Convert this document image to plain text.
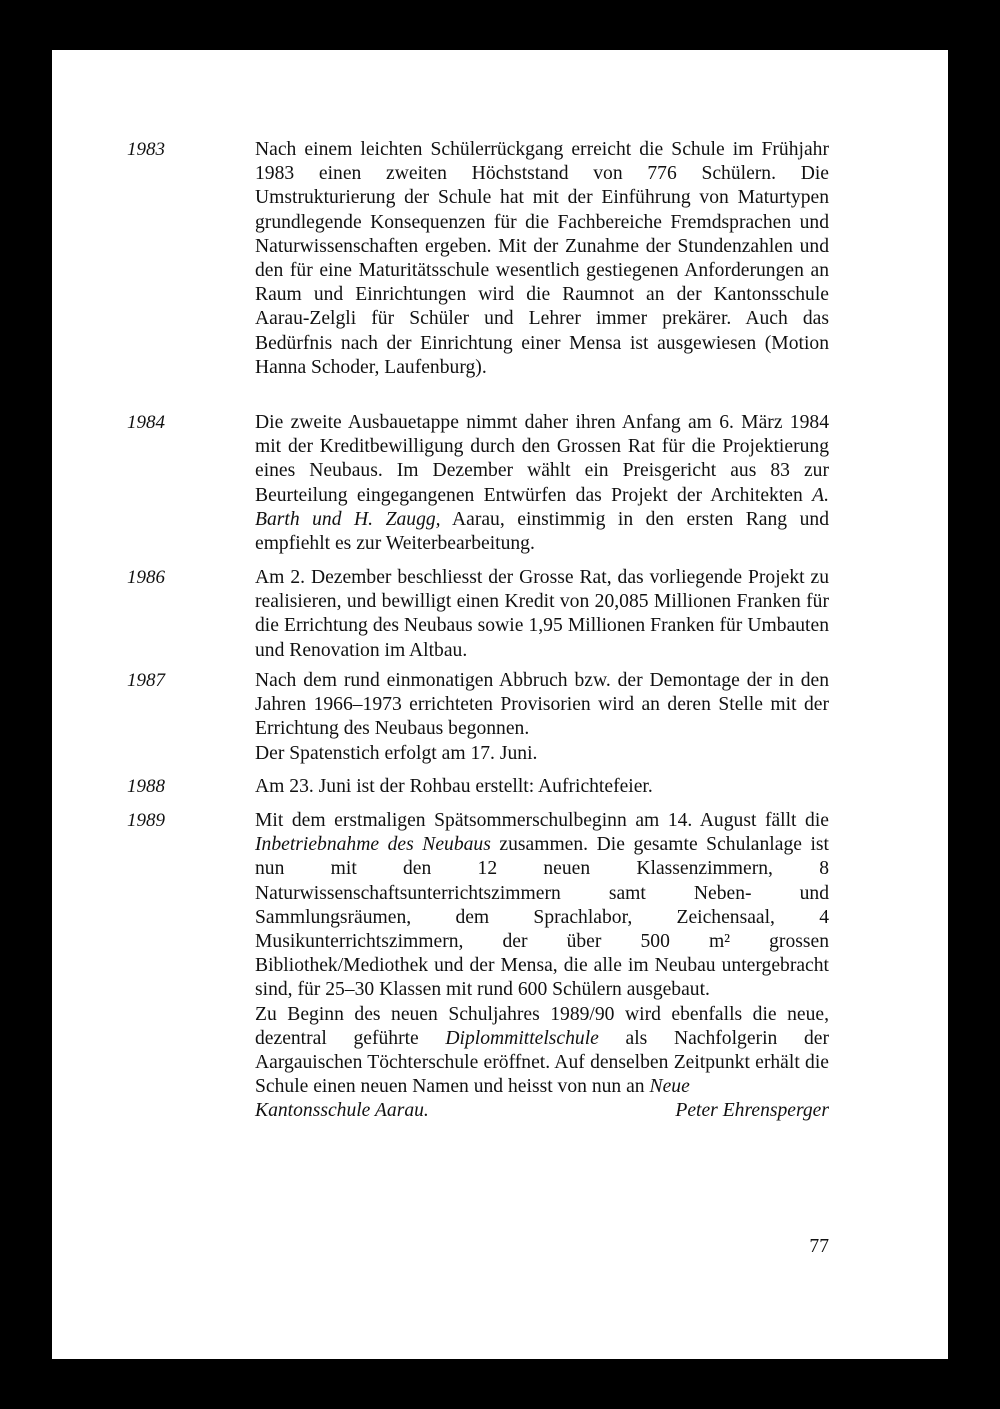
1983	Nach einem leichten Schülerrückgang erreicht die Schule im Frühjahr 1983 einen zweiten Höchststand von 776 Schülern. Die Umstrukturierung der Schule hat mit der Einführung von Maturtypen grundlegende Konsequenzen für die Fachbereiche Fremdsprachen und Naturwissenschaften ergeben. Mit der Zunahme der Stundenzahlen und den für eine Maturitätsschule wesentlich gestiegenen Anforderungen an Raum und Einrichtungen wird die Raumnot an der Kantonsschule Aarau-Zelgli für Schüler und Lehrer immer prekärer. Auch das Bedürfnis nach der Einrichtung einer Mensa ist ausgewiesen (Motion Hanna Schoder, Laufenburg).

1984	Die zweite Ausbauetappe nimmt daher ihren Anfang am 6. März 1984 mit der Kreditbewilligung durch den Grossen Rat für die Projektierung eines Neubaus. Im Dezember wählt ein Preisgericht aus 83 zur Beurteilung eingegangenen Entwürfen das Projekt der Architekten A. Barth und H. Zaugg, Aarau, einstimmig in den ersten Rang und empfiehlt es zur Weiterbearbeitung.

1986	Am 2. Dezember beschliesst der Grosse Rat, das vorliegende Projekt zu realisieren, und bewilligt einen Kredit von 20,085 Millionen Franken für die Errichtung des Neubaus sowie 1,95 Millionen Franken für Umbauten und Renovation im Altbau.

1987	Nach dem rund einmonatigen Abbruch bzw. der Demontage der in den Jahren 1966–1973 errichteten Provisorien wird an deren Stelle mit der Errichtung des Neubaus begonnen.

Der Spatenstich erfolgt am 17. Juni.

1988	Am 23. Juni ist der Rohbau erstellt: Aufrichtefeier.

1989	Mit dem erstmaligen Spätsommerschulbeginn am 14. August fällt die Inbetriebnahme des Neubaus zusammen. Die gesamte Schulanlage ist nun mit den 12 neuen Klassenzimmern, 8 Naturwissenschaftsunterrichtszimmern samt Neben- und Sammlungsräumen, dem Sprachlabor, Zeichensaal, 4 Musikunterrichtszimmern, der über 500 m² grossen Bibliothek/Mediothek und der Mensa, die alle im Neubau untergebracht sind, für 25–30 Klassen mit rund 600 Schülern ausgebaut.

Zu Beginn des neuen Schuljahres 1989/90 wird ebenfalls die neue, dezentral geführte Diplommittelschule als Nachfolgerin der Aargauischen Töchterschule eröffnet. Auf denselben Zeitpunkt erhält die Schule einen neuen Namen und heisst von nun an Neue

Kantonsschule Aarau.	Peter Ehrensperger
77
